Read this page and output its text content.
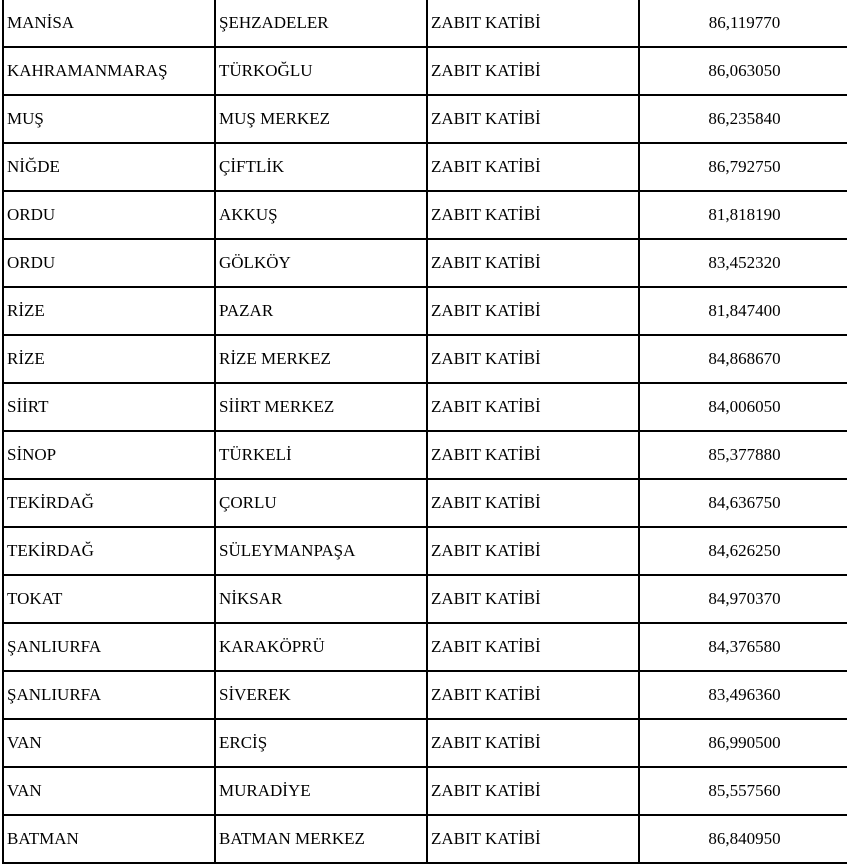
MANİSA	ŞEHZADELER	ZABIT KATİBİ	86,119770
KAHRAMANMARAŞ	TÜRKOĞLU	ZABIT KATİBİ	86,063050
MUŞ	MUŞ MERKEZ	ZABIT KATİBİ	86,235840
NİĞDE	ÇİFTLİK	ZABIT KATİBİ	86,792750
ORDU	AKKUŞ	ZABIT KATİBİ	81,818190
ORDU	GÖLKÖY	ZABIT KATİBİ	83,452320
RİZE	PAZAR	ZABIT KATİBİ	81,847400
RİZE	RİZE MERKEZ	ZABIT KATİBİ	84,868670
SİİRT	SİİRT MERKEZ	ZABIT KATİBİ	84,006050
SİNOP	TÜRKELİ	ZABIT KATİBİ	85,377880
TEKİRDAĞ	ÇORLU	ZABIT KATİBİ	84,636750
TEKİRDAĞ	SÜLEYMANPAŞA	ZABIT KATİBİ	84,626250
TOKAT	NİKSAR	ZABIT KATİBİ	84,970370
ŞANLIURFA	KARAKÖPRÜ	ZABIT KATİBİ	84,376580
ŞANLIURFA	SİVEREK	ZABIT KATİBİ	83,496360
VAN	ERCİŞ	ZABIT KATİBİ	86,990500
VAN	MURADİYE	ZABIT KATİBİ	85,557560
BATMAN	BATMAN MERKEZ	ZABIT KATİBİ	86,840950
